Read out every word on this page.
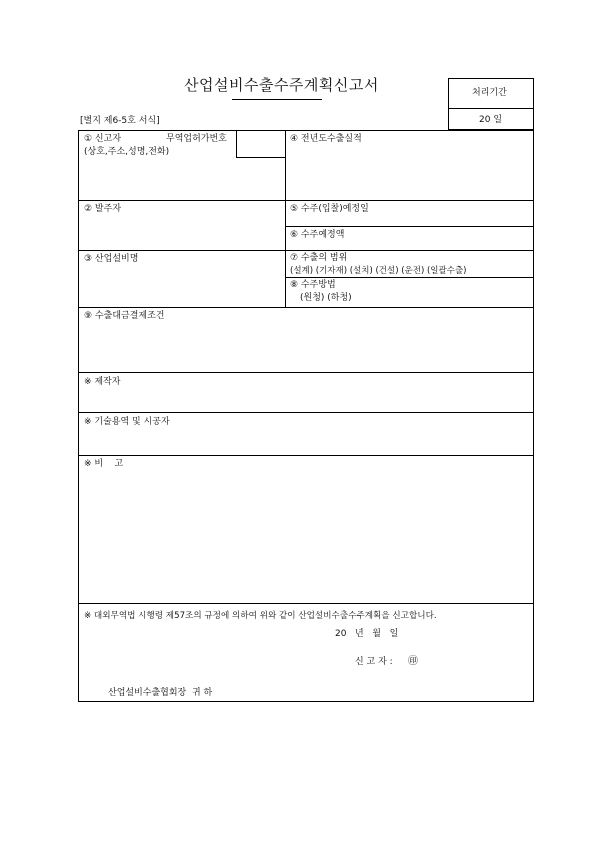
산업설비수출수주계획신고서
[별지 제6-5호 서식]
처리기간
20 일
① 신고자	무역업허가번호
(상호,주소,성명,전화)
④ 전년도수출실적
② 발주자	⑤ 수주(입찰)예정일
⑥ 수주예정액
③ 산업설비명	⑦ 수출의 범위
(설계) (기자재) (설치) (건설) (운전) (일괄수출)
⑧ 수주방법
(원청) (하청)
⑨ 수출대금결제조건
※ 제작자
※ 기술용역 및 시공자
※ 비    고
※ 대외무역법 시행령 제57조의 규정에 의하여 위와 같이 산업설비수출수주계획을 신고합니다.
20   년   월   일
신 고 자 : ㊞
산업설비수출협회장  귀 하
